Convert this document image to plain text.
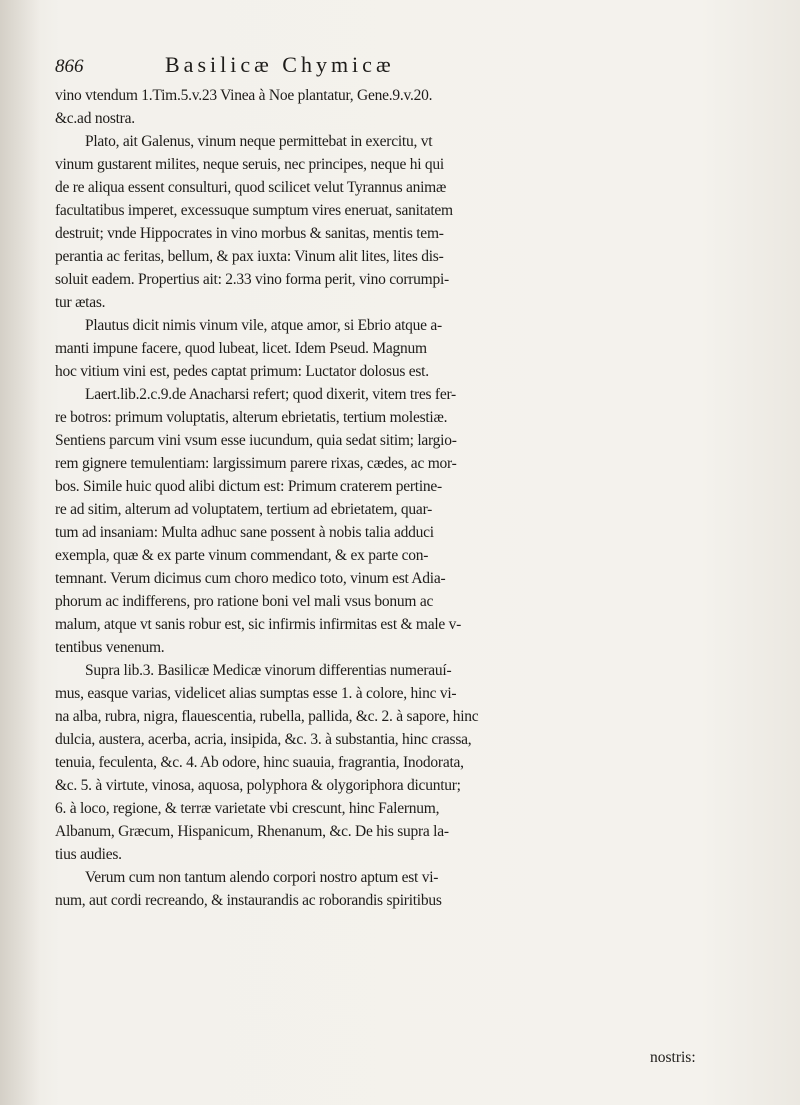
866	Basilicæ Chymicæ
vino vtendum 1.Tim.5.v.23 Vinea à Noe plantatur, Gene.9.v.20.
&c.ad nostra.
Plato, ait Galenus, vinum neque permittebat in exercitu, vt
vinum gustarent milites, neque seruis, nec principes, neque hi qui
de re aliqua essent consulturi, quod scilicet velut Tyrannus animæ
facultatibus imperet, excessuque sumptum vires eneruat, sanitatem
destruit; vnde Hippocrates in vino morbus & sanitas, mentis tem-
perantia ac feritas, bellum, & pax iuxta: Vinum alit lites, lites dis-
soluit eadem. Propertius ait: 2.33 vino forma perit, vino corrumpi-
tur ætas.
Plautus dicit nimis vinum vile, atque amor, si Ebrio atque a-
manti impune facere, quod lubeat, licet. Idem Pseud. Magnum
hoc vitium vini est, pedes captat primum: Luctator dolosus est.
Laert.lib.2.c.9.de Anacharsi refert; quod dixerit, vitem tres fer-
re botros: primum voluptatis, alterum ebrietatis, tertium molestiæ.
Sentiens parcum vini vsum esse iucundum, quia sedat sitim; largio-
rem gignere temulentiam: largissimum parere rixas, cædes, ac mor-
bos. Simile huic quod alibi dictum est: Primum craterem pertine-
re ad sitim, alterum ad voluptatem, tertium ad ebrietatem, quar-
tum ad insaniam: Multa adhuc sane possent à nobis talia adduci
exempla, quæ & ex parte vinum commendant, & ex parte con-
temnant. Verum dicimus cum choro medico toto, vinum est Adia-
phorum ac indifferens, pro ratione boni vel mali vsus bonum ac
malum, atque vt sanis robur est, sic infirmis infirmitas est & male v-
tentibus venenum.
Supra lib.3. Basilicæ Medicæ vinorum differentias numerauí-
mus, easque varias, videlicet alias sumptas esse 1. à colore, hinc vi-
na alba, rubra, nigra, flauescentia, rubella, pallida, &c. 2. à sapore, hinc
dulcia, austera, acerba, acria, insipida, &c. 3. à substantia, hinc crassa,
tenuia, feculenta, &c. 4. Ab odore, hinc suauia, fragrantia, Inodorata,
&c. 5. à virtute, vinosa, aquosa, polyphora & olygoriphora dicuntur;
6. à loco, regione, & terræ varietate vbi crescunt, hinc Falernum,
Albanum, Græcum, Hispanicum, Rhenanum, &c. De his supra la-
tius audies.
Verum cum non tantum alendo corpori nostro aptum est vi-
num, aut cordi recreando, & instaurandis ac roborandis spiritibus
nostris:
